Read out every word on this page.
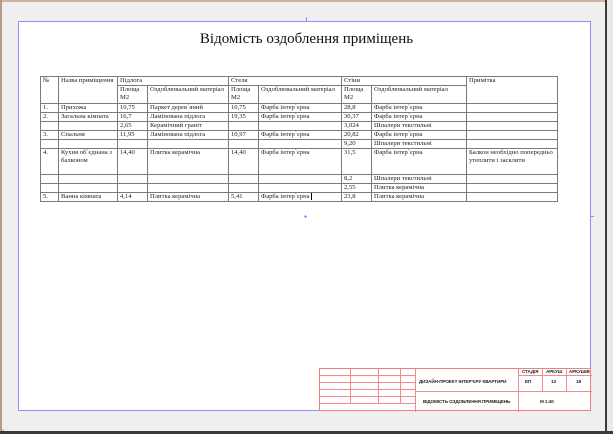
⌟
Відомість оздоблення приміщень
№	Назва приміщення	Підлога		Стеля		Стіни		Примітка
		Площа М2	Оздоблювальний матеріал	Площа М2	Оздоблювальний матеріал	Площа М2	Оздоблювальний матеріал	
1.	Прихожа	10,75	Паркет дерев`яний	10,75	Фарба інтер`єрна	28,8	Фарба інтер`єрна	
2.	Загальна кімната	16,7	Ламінована підлога	19,35	Фарба інтер`єрна	30,37	Фарба інтер`єрна	
		2,65	Керамічний граніт			3,024	Шпалери текстильні	
3.	Спальня	11,95	Ламінована підлога	10,97	Фарба інтер`єрна	20,82	Фарба інтер`єрна	
						9,20	Шпалери текстильні	
4.	Кухня об`єднана з балконом	14,40	Плитка керамічна	14,40	Фарба інтер`єрна	31,5	Фарба інтер`єрна	Балкон необхідно попередньо утеплити і засклити
						8,2	Шпалери текстильні	
						2,55	Плитка керамічна	
5.	Ванна кімната	4,14	Плитка керамічна	5,41	Фарба інтер`єрна	23,8	Плитка керамічна	
ДИЗАЙН-ПРОЕКТ ІНТЕР'ЄРУ КВАРТИРИ
ВІДОМІСТЬ ОЗДОБЛЕННЯ ПРИМІЩЕНЬ
СТАДІЯ АРКУШ АРКУШІВ
ЕП	13	18
М 1:40
